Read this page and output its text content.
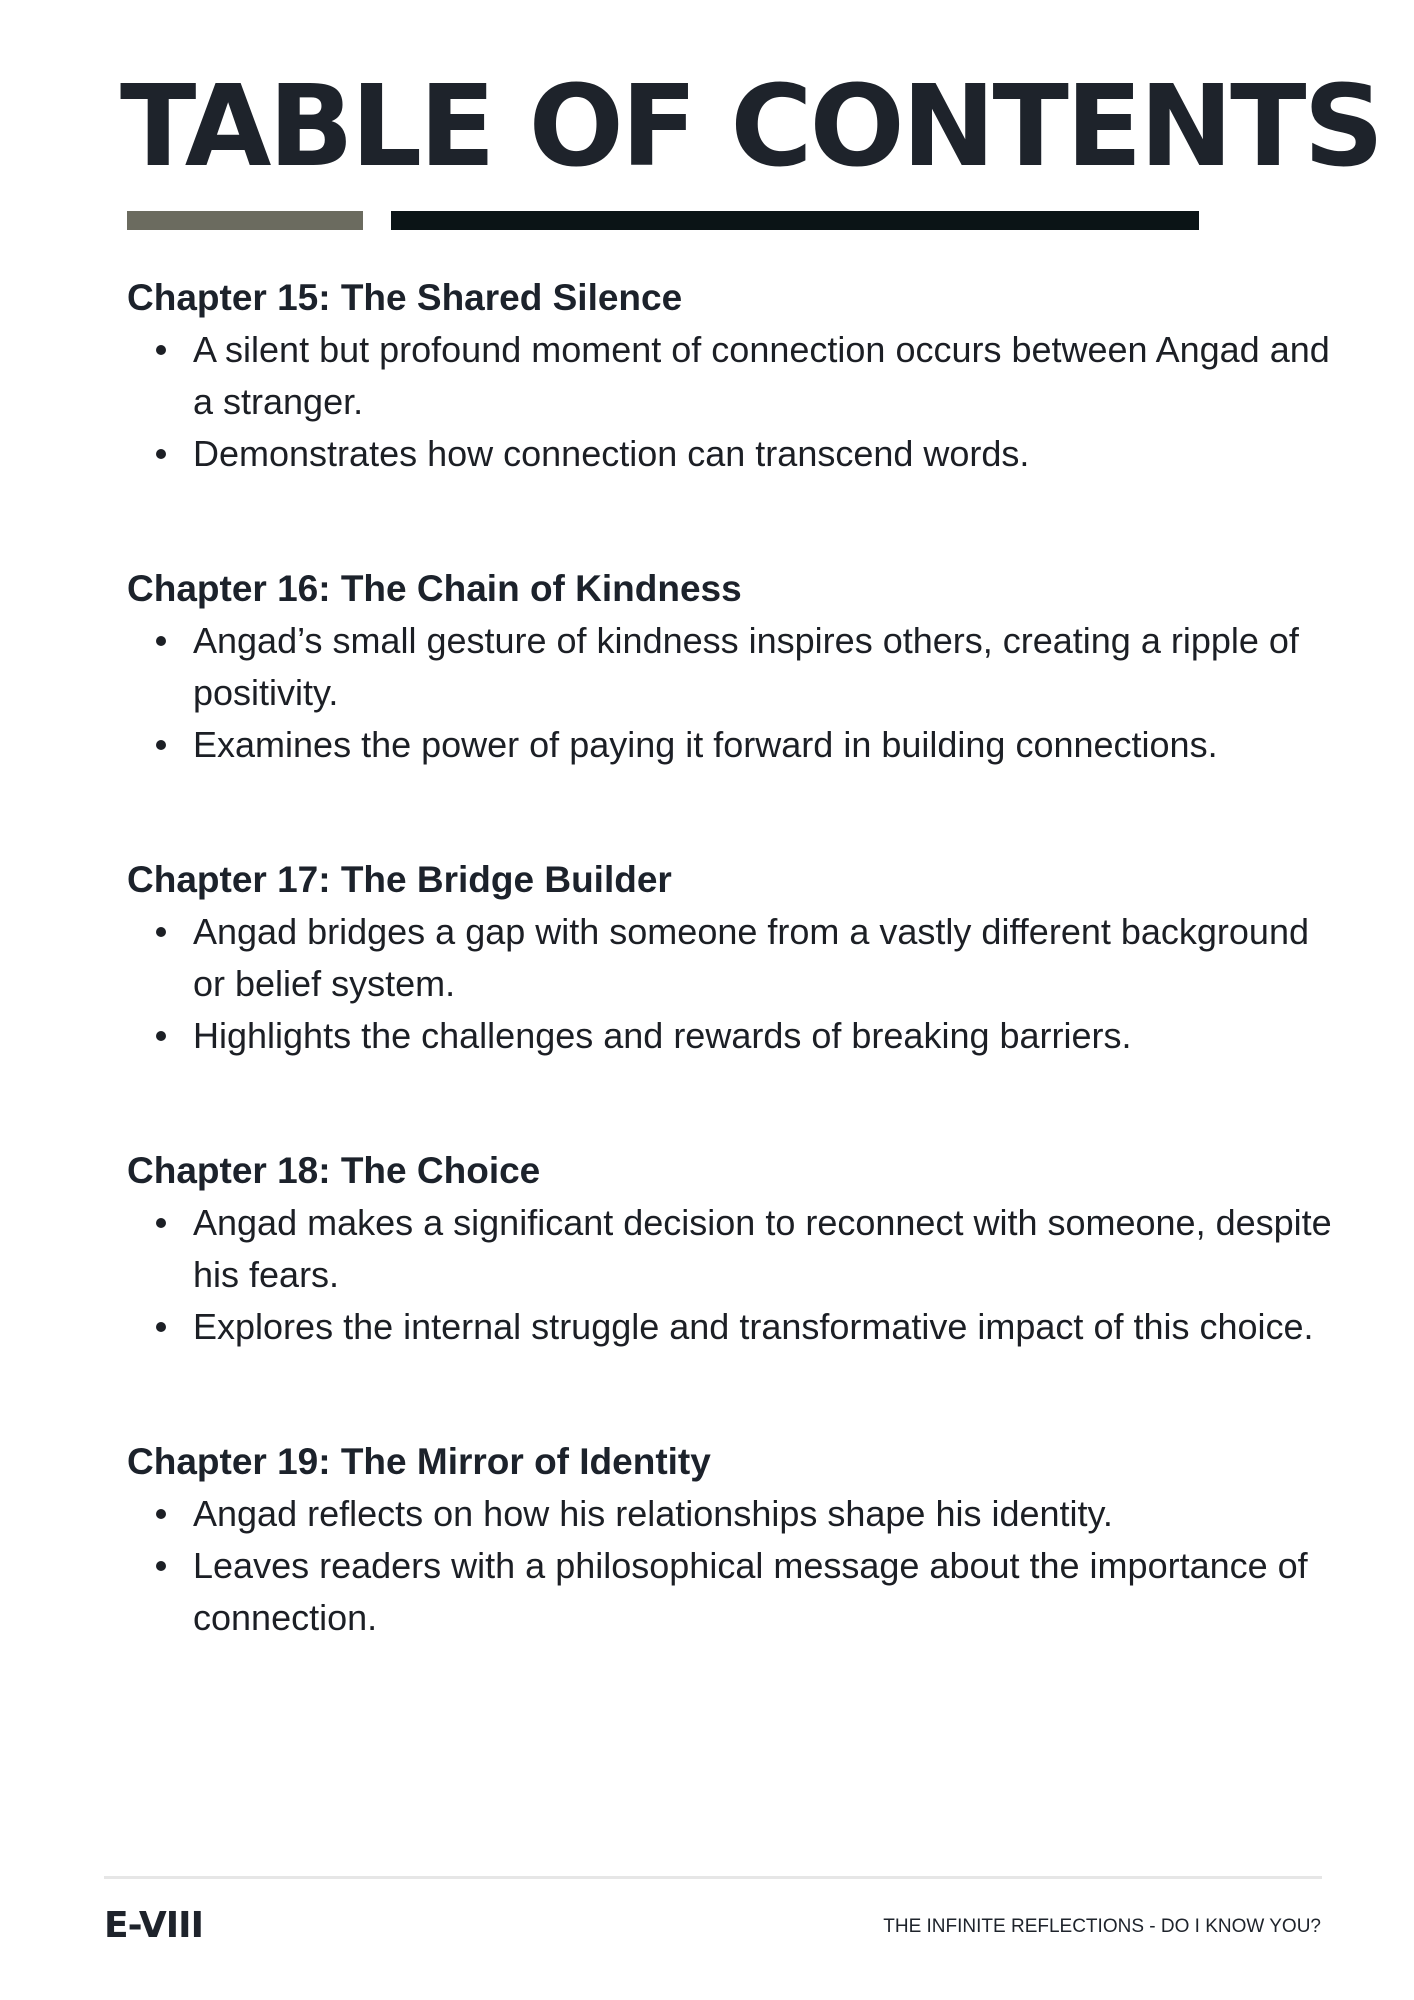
TABLE OF CONTENTS
Chapter 15: The Shared Silence
A silent but profound moment of connection occurs between Angad and a stranger.
Demonstrates how connection can transcend words.
Chapter 16: The Chain of Kindness
Angad’s small gesture of kindness inspires others, creating a ripple of positivity.
Examines the power of paying it forward in building connections.
Chapter 17: The Bridge Builder
Angad bridges a gap with someone from a vastly different background or belief system.
Highlights the challenges and rewards of breaking barriers.
Chapter 18: The Choice
Angad makes a significant decision to reconnect with someone, despite his fears.
Explores the internal struggle and transformative impact of this choice.
Chapter 19: The Mirror of Identity
Angad reflects on how his relationships shape his identity.
Leaves readers with a philosophical message about the importance of connection.

E-VIII	THE INFINITE REFLECTIONS - DO I KNOW YOU?
